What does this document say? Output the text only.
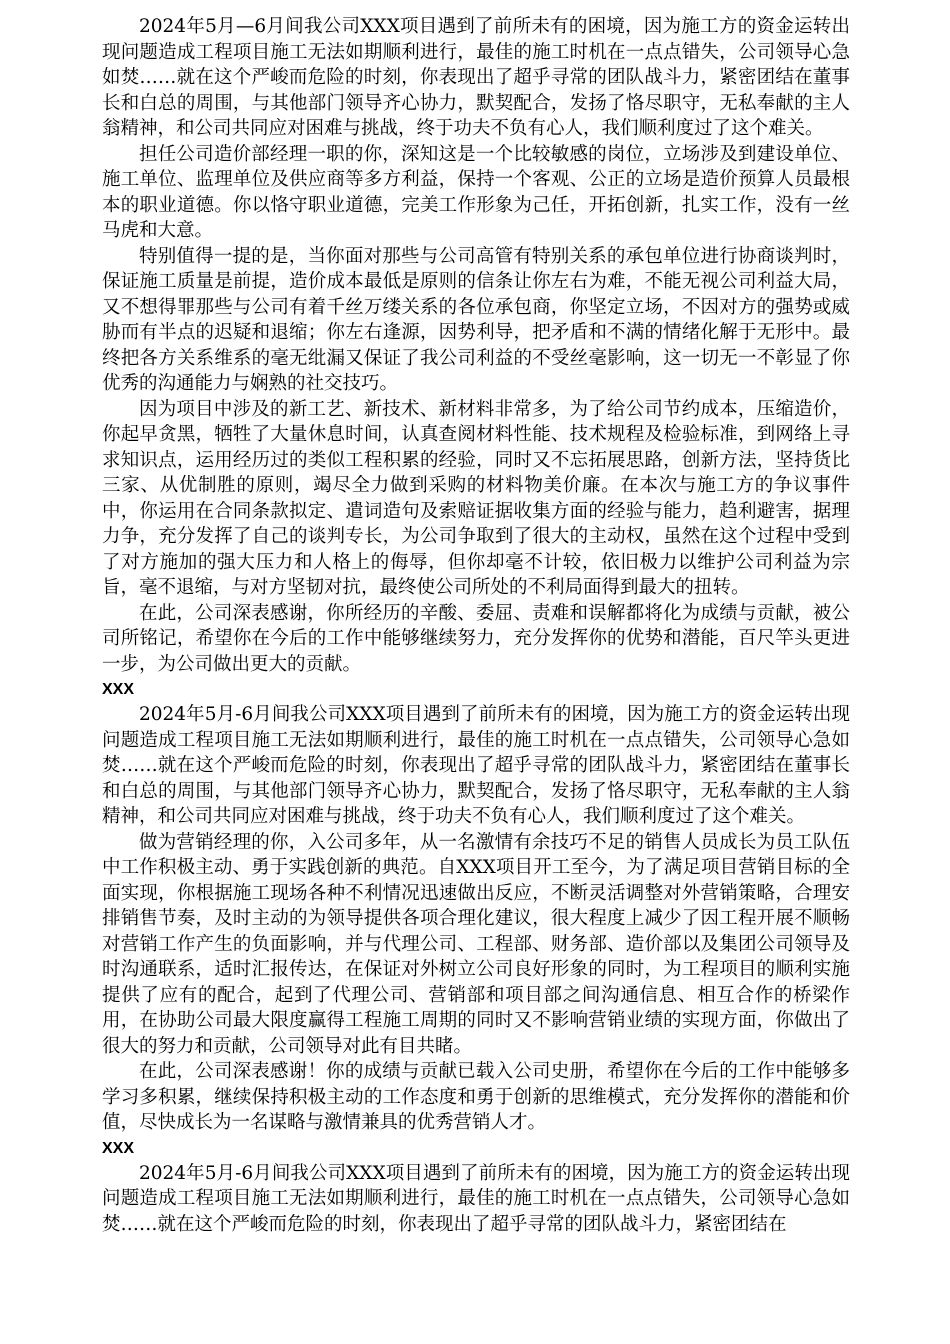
2024年5月—6月间我公司XXX项目遇到了前所未有的困境，因为施工方的资金运转出现问题造成工程项目施工无法如期顺利进行，最佳的施工时机在一点点错失，公司领导心急如焚……就在这个严峻而危险的时刻，你表现出了超乎寻常的团队战斗力，紧密团结在董事长和白总的周围，与其他部门领导齐心协力，默契配合，发扬了恪尽职守，无私奉献的主人翁精神，和公司共同应对困难与挑战，终于功夫不负有心人，我们顺利度过了这个难关。

担任公司造价部经理一职的你，深知这是一个比较敏感的岗位，立场涉及到建设单位、施工单位、监理单位及供应商等多方利益，保持一个客观、公正的立场是造价预算人员最根本的职业道德。你以恪守职业道德，完美工作形象为己任，开拓创新，扎实工作，没有一丝马虎和大意。

特别值得一提的是，当你面对那些与公司高管有特别关系的承包单位进行协商谈判时，保证施工质量是前提，造价成本最低是原则的信条让你左右为难，不能无视公司利益大局，又不想得罪那些与公司有着千丝万缕关系的各位承包商，你坚定立场，不因对方的强势或威胁而有半点的迟疑和退缩；你左右逢源，因势利导，把矛盾和不满的情绪化解于无形中。最终把各方关系维系的毫无纰漏又保证了我公司利益的不受丝毫影响，这一切无一不彰显了你优秀的沟通能力与娴熟的社交技巧。

因为项目中涉及的新工艺、新技术、新材料非常多，为了给公司节约成本，压缩造价，你起早贪黑，牺牲了大量休息时间，认真查阅材料性能、技术规程及检验标准，到网络上寻求知识点，运用经历过的类似工程积累的经验，同时又不忘拓展思路，创新方法，坚持货比三家、从优制胜的原则，竭尽全力做到采购的材料物美价廉。在本次与施工方的争议事件中，你运用在合同条款拟定、遣词造句及索赔证据收集方面的经验与能力，趋利避害，据理力争，充分发挥了自己的谈判专长，为公司争取到了很大的主动权，虽然在这个过程中受到了对方施加的强大压力和人格上的侮辱，但你却毫不计较，依旧极力以维护公司利益为宗旨，毫不退缩，与对方坚韧对抗，最终使公司所处的不利局面得到最大的扭转。

在此，公司深表感谢，你所经历的辛酸、委屈、责难和误解都将化为成绩与贡献，被公司所铭记，希望你在今后的工作中能够继续努力，充分发挥你的优势和潜能，百尺竿头更进一步，为公司做出更大的贡献。

XXX

2024年5月-6月间我公司XXX项目遇到了前所未有的困境，因为施工方的资金运转出现问题造成工程项目施工无法如期顺利进行，最佳的施工时机在一点点错失，公司领导心急如焚……就在这个严峻而危险的时刻，你表现出了超乎寻常的团队战斗力，紧密团结在董事长和白总的周围，与其他部门领导齐心协力，默契配合，发扬了恪尽职守，无私奉献的主人翁精神，和公司共同应对困难与挑战，终于功夫不负有心人，我们顺利度过了这个难关。

做为营销经理的你，入公司多年，从一名激情有余技巧不足的销售人员成长为员工队伍中工作积极主动、勇于实践创新的典范。自XXX项目开工至今，为了满足项目营销目标的全面实现，你根据施工现场各种不利情况迅速做出反应，不断灵活调整对外营销策略，合理安排销售节奏，及时主动的为领导提供各项合理化建议，很大程度上减少了因工程开展不顺畅对营销工作产生的负面影响，并与代理公司、工程部、财务部、造价部以及集团公司领导及时沟通联系，适时汇报传达，在保证对外树立公司良好形象的同时，为工程项目的顺利实施提供了应有的配合，起到了代理公司、营销部和项目部之间沟通信息、相互合作的桥梁作用，在协助公司最大限度赢得工程施工周期的同时又不影响营销业绩的实现方面，你做出了很大的努力和贡献，公司领导对此有目共睹。

在此，公司深表感谢！你的成绩与贡献已载入公司史册，希望你在今后的工作中能够多学习多积累，继续保持积极主动的工作态度和勇于创新的思维模式，充分发挥你的潜能和价值，尽快成长为一名谋略与激情兼具的优秀营销人才。

XXX

2024年5月-6月间我公司XXX项目遇到了前所未有的困境，因为施工方的资金运转出现问题造成工程项目施工无法如期顺利进行，最佳的施工时机在一点点错失，公司领导心急如焚……就在这个严峻而危险的时刻，你表现出了超乎寻常的团队战斗力，紧密团结在
